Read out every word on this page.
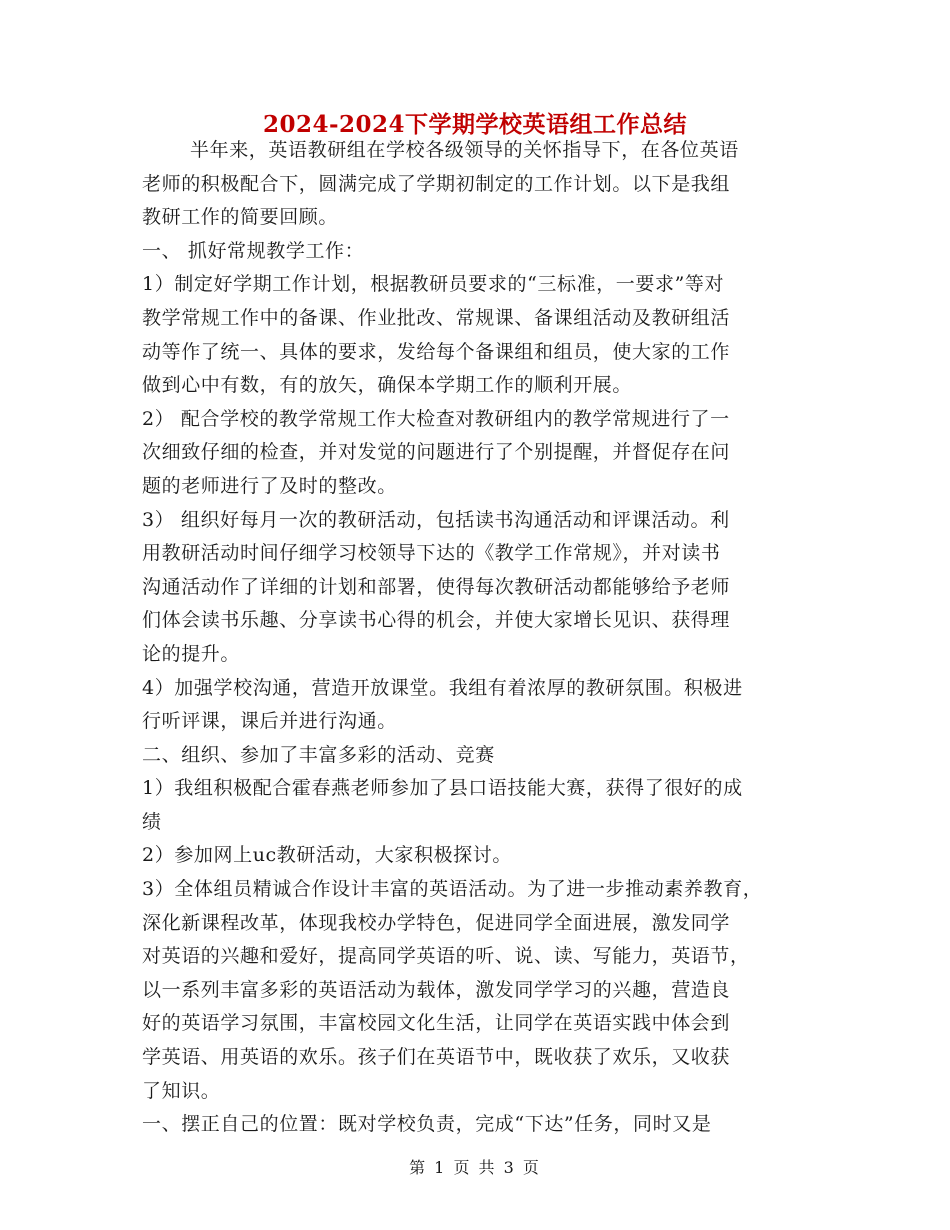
2024-2024下学期学校英语组工作总结
半年来，英语教研组在学校各级领导的关怀指导下，在各位英语
老师的积极配合下，圆满完成了学期初制定的工作计划。以下是我组
教研工作的简要回顾。
一、 抓好常规教学工作：
1）制定好学期工作计划，根据教研员要求的“三标准，一要求”等对
教学常规工作中的备课、作业批改、常规课、备课组活动及教研组活
动等作了统一、具体的要求，发给每个备课组和组员，使大家的工作
做到心中有数，有的放矢，确保本学期工作的顺利开展。
2） 配合学校的教学常规工作大检查对教研组内的教学常规进行了一
次细致仔细的检查，并对发觉的问题进行了个别提醒，并督促存在问
题的老师进行了及时的整改。
3） 组织好每月一次的教研活动，包括读书沟通活动和评课活动。利
用教研活动时间仔细学习校领导下达的《教学工作常规》，并对读书
沟通活动作了详细的计划和部署，使得每次教研活动都能够给予老师
们体会读书乐趣、分享读书心得的机会，并使大家增长见识、获得理
论的提升。
4）加强学校沟通，营造开放课堂。我组有着浓厚的教研氛围。积极进
行听评课，课后并进行沟通。
二、组织、参加了丰富多彩的活动、竞赛
1）我组积极配合霍春燕老师参加了县口语技能大赛，获得了很好的成
绩
2）参加网上uc教研活动，大家积极探讨。
3）全体组员精诚合作设计丰富的英语活动。为了进一步推动素养教育，
深化新课程改革，体现我校办学特色，促进同学全面进展，激发同学
对英语的兴趣和爱好，提高同学英语的听、说、读、写能力，英语节，
以一系列丰富多彩的英语活动为载体，激发同学学习的兴趣，营造良
好的英语学习氛围，丰富校园文化生活，让同学在英语实践中体会到
学英语、用英语的欢乐。孩子们在英语节中，既收获了欢乐，又收获
了知识。
一、摆正自己的位置：既对学校负责，完成“下达”任务，同时又是
第 1 页 共 3 页
